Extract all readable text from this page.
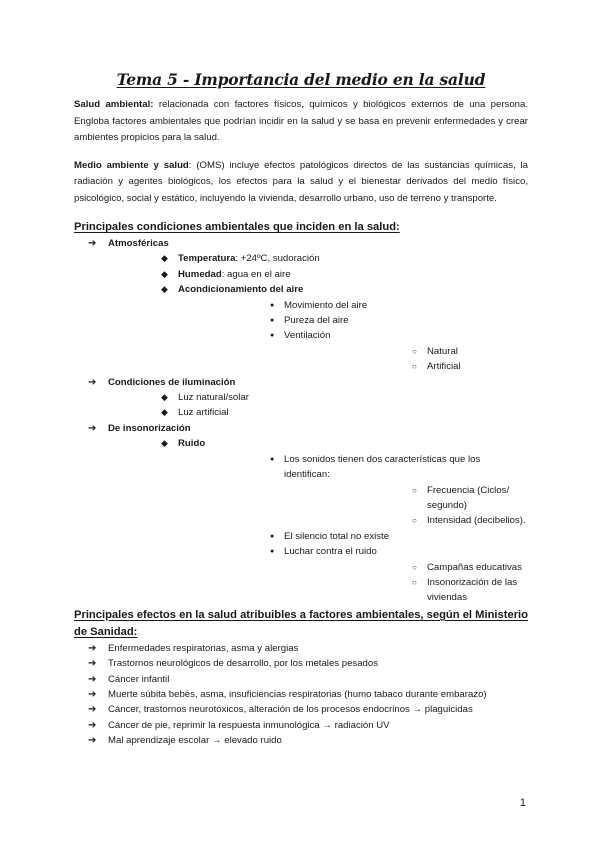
Tema 5 - Importancia del medio en la salud

Salud ambiental: relacionada con factores físicos, químicos y biológicos externos de una persona. Engloba factores ambientales que podrían incidir en la salud y se basa en prevenir enfermedades y crear ambientes propicios para la salud.

Medio ambiente y salud: (OMS) incluye efectos patológicos directos de las sustancias químicas, la radiación y agentes biológicos, los efectos para la salud y el bienestar derivados del medio físico, psicológico, social y estático, incluyendo la vivienda, desarrollo urbano, uso de terreno y transporte.

Principales condiciones ambientales que inciden en la salud:
➔ Atmosféricas
◆ Temperatura: +24ºC, sudoración
◆ Humedad: agua en el aire
◆ Acondicionamiento del aire
● Movimiento del aire
● Pureza del aire
● Ventilación
○ Natural
○ Artificial
➔ Condiciones de iluminación
◆ Luz natural/solar
◆ Luz artificial
➔ De insonorización
◆ Ruido
● Los sonidos tienen dos características que los identifican:
○ Frecuencia (Ciclos/ segundo)
○ Intensidad (decibelios).
● El silencio total no existe
● Luchar contra el ruido
○ Campañas educativas
○ Insonorización de las viviendas
Principales efectos en la salud atribuibles a factores ambientales, según el Ministerio de Sanidad:
➔ Enfermedades respiratorias, asma y alergias
➔ Trastornos neurológicos de desarrollo, por los metales pesados
➔ Cáncer infantil
➔ Muerte súbita bebés, asma, insuficiencias respiratorias (humo tabaco durante embarazo)
➔ Cáncer, trastornos neurotóxicos, alteración de los procesos endocrinos → plaguicidas
➔ Cáncer de pie, reprimir la respuesta inmunológica → radiación UV
➔ Mal aprendizaje escolar → elevado ruido
1
